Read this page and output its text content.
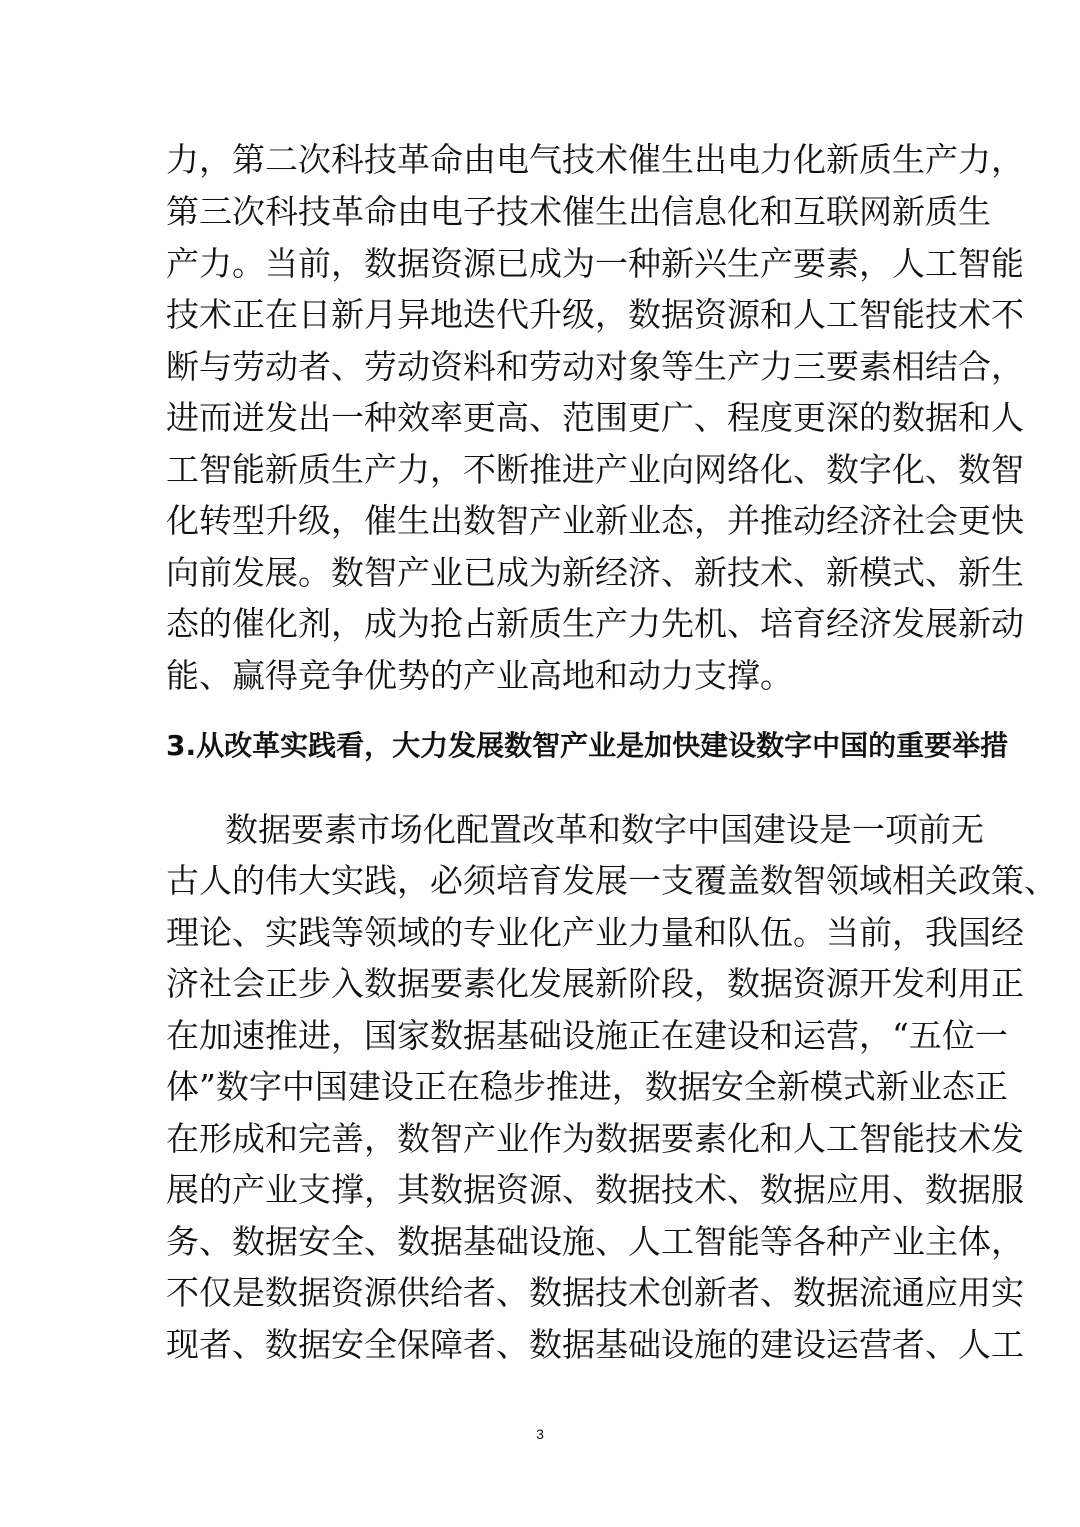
力，第二次科技革命由电气技术催生出电力化新质生产力，
第三次科技革命由电子技术催生出信息化和互联网新质生
产力。当前，数据资源已成为一种新兴生产要素，人工智能
技术正在日新月异地迭代升级，数据资源和人工智能技术不
断与劳动者、劳动资料和劳动对象等生产力三要素相结合，
进而迸发出一种效率更高、范围更广、程度更深的数据和人
工智能新质生产力，不断推进产业向网络化、数字化、数智
化转型升级，催生出数智产业新业态，并推动经济社会更快
向前发展。数智产业已成为新经济、新技术、新模式、新生
态的催化剂，成为抢占新质生产力先机、培育经济发展新动
能、赢得竞争优势的产业高地和动力支撑。
3.从改革实践看，大力发展数智产业是加快建设数字中国的重要举措
数据要素市场化配置改革和数字中国建设是一项前无
古人的伟大实践，必须培育发展一支覆盖数智领域相关政策、
理论、实践等领域的专业化产业力量和队伍。当前，我国经
济社会正步入数据要素化发展新阶段，数据资源开发利用正
在加速推进，国家数据基础设施正在建设和运营，“五位一
体”数字中国建设正在稳步推进，数据安全新模式新业态正
在形成和完善，数智产业作为数据要素化和人工智能技术发
展的产业支撑，其数据资源、数据技术、数据应用、数据服
务、数据安全、数据基础设施、人工智能等各种产业主体，
不仅是数据资源供给者、数据技术创新者、数据流通应用实
现者、数据安全保障者、数据基础设施的建设运营者、人工
3
